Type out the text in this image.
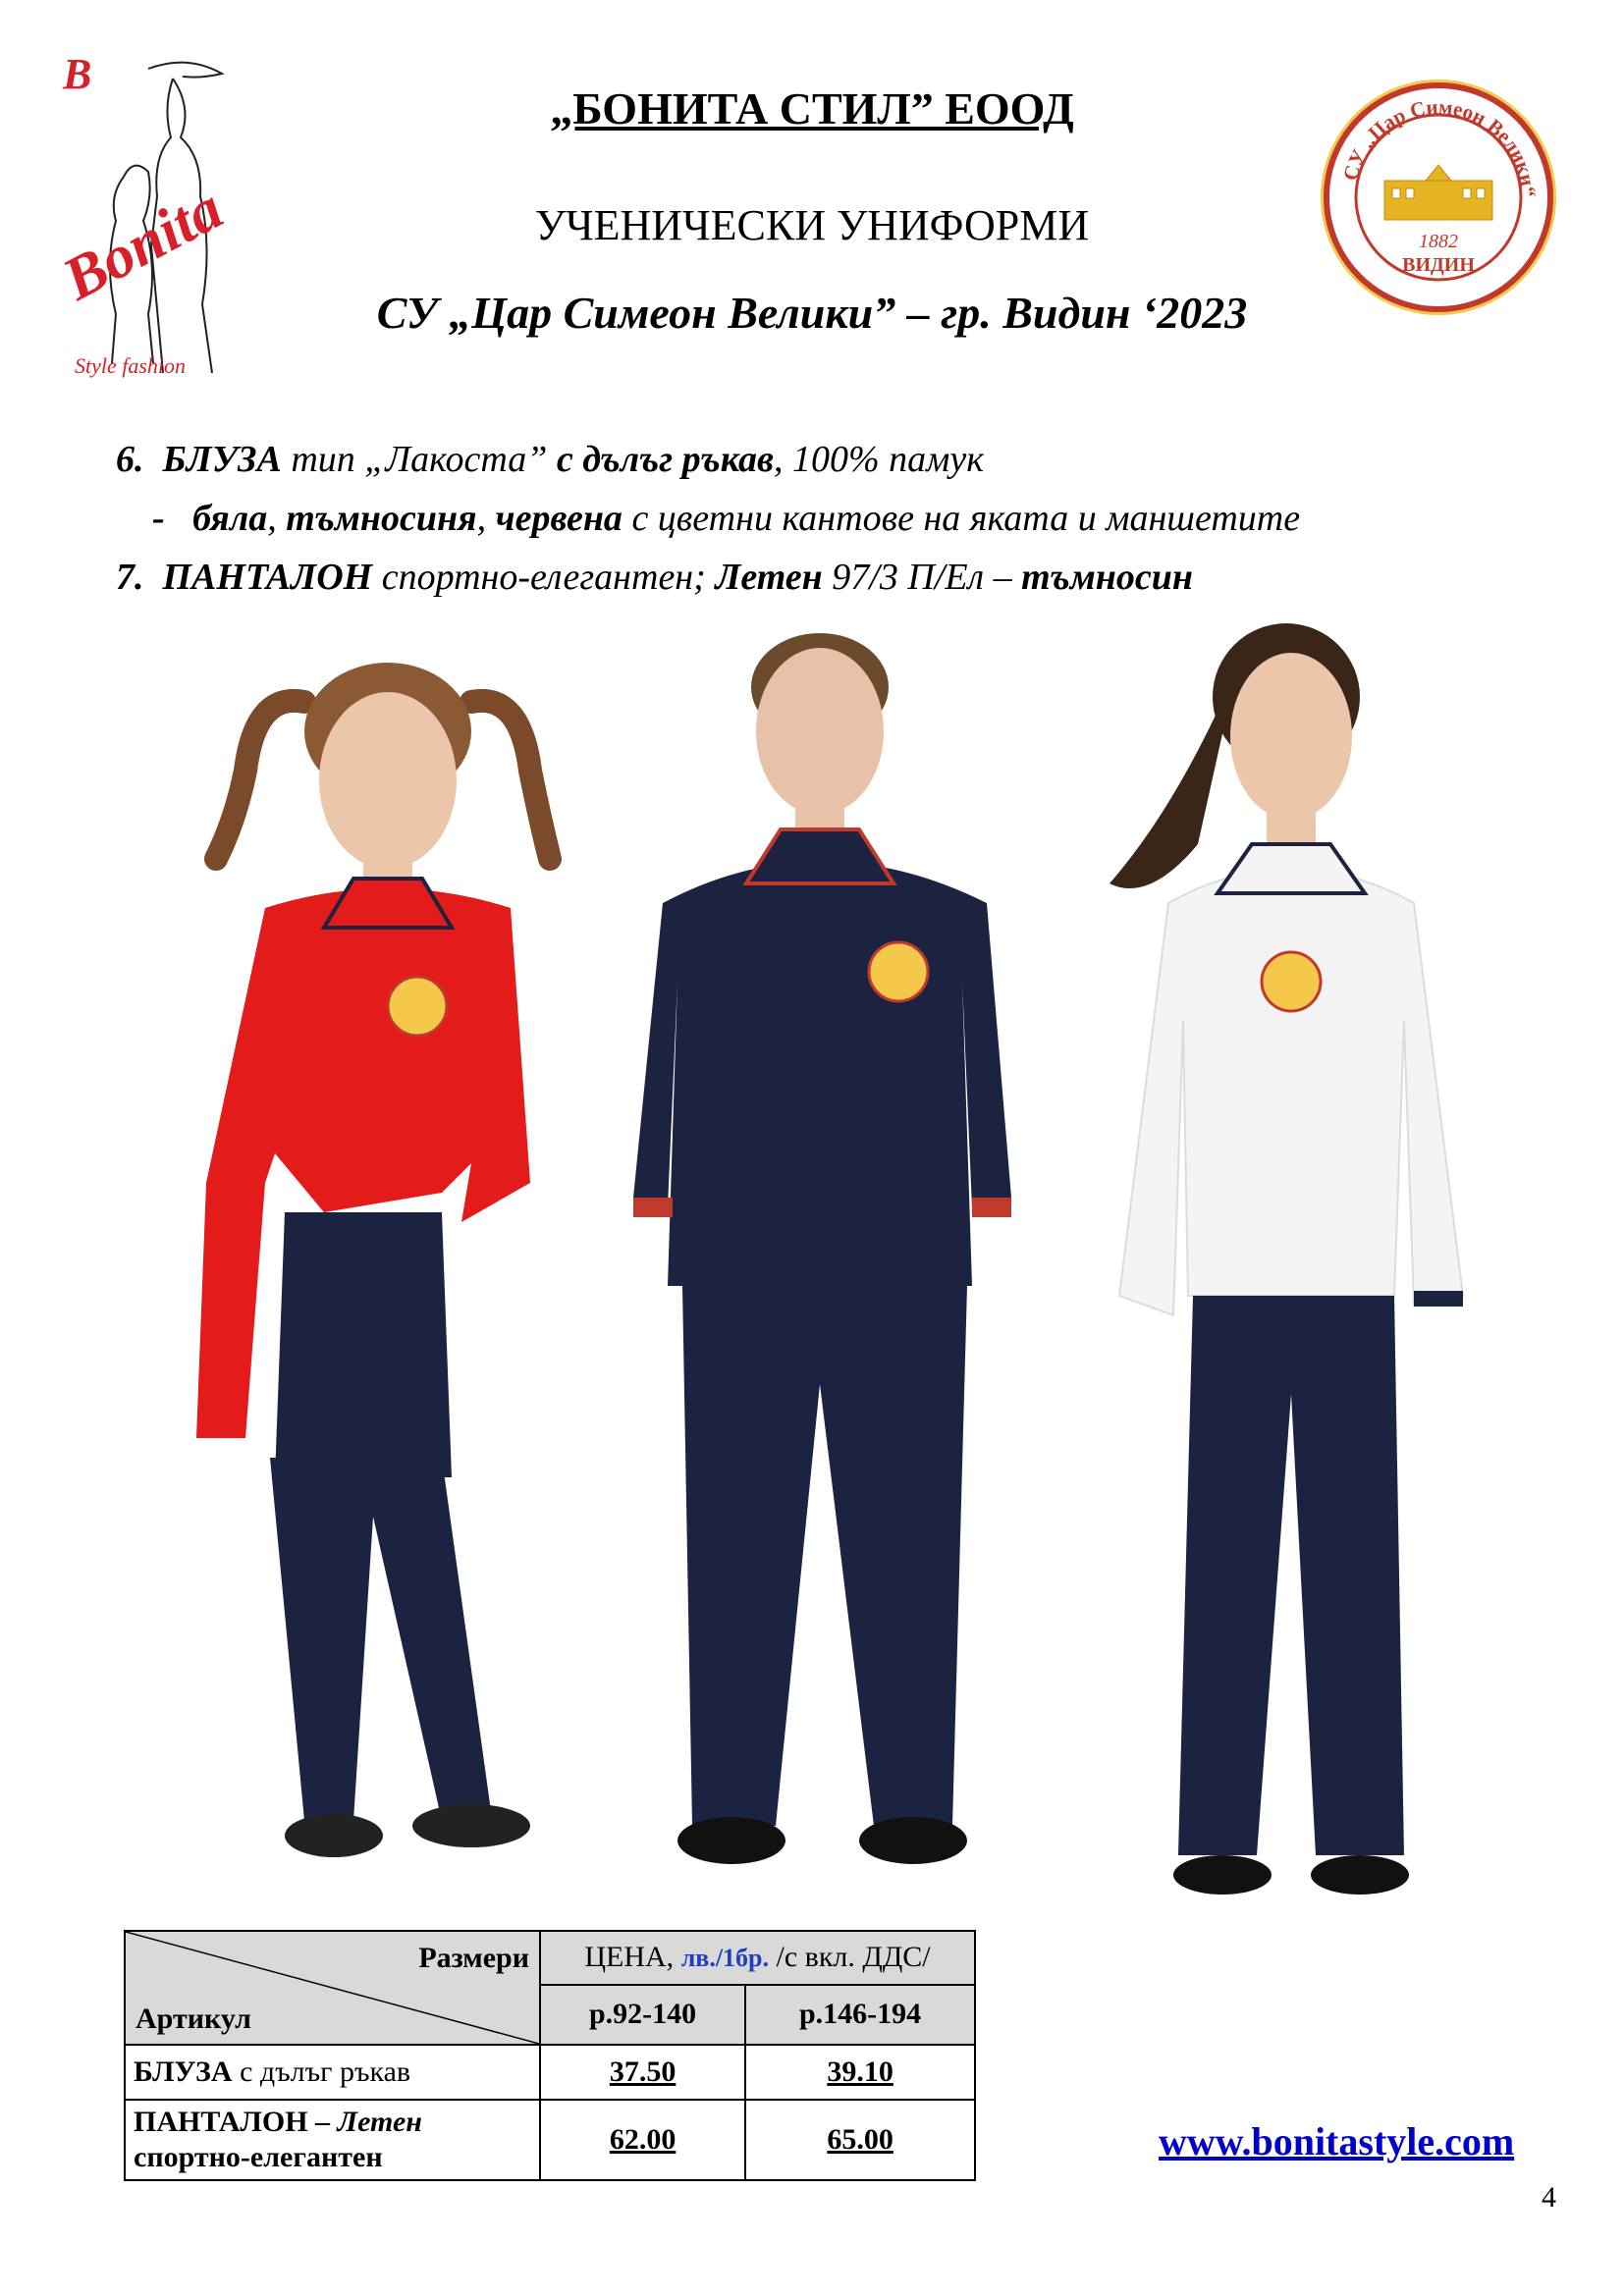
B
Bonita
Style fashion
„БОНИТА СТИЛ” ЕООД
УЧЕНИЧЕСКИ УНИФОРМИ
СУ „Цар Симеон Велики” – гр. Видин ‘2023
СУ „Цар Симеон Велики“
1882
ВИДИН
6. БЛУЗА тип „Лакоста” с дълъг ръкав, 100% памук
- бяла, тъмносиня, червена с цветни кантове на яката и маншетите
7. ПАНТАЛОН спортно-елегантен; Летен 97/3 П/Ел – тъмносин
Размери
Артикул	ЦЕНА, лв./1бр. /с вкл. ДДС/	
	р.92-140	р.146-194
БЛУЗА с дълъг ръкав	37.50	39.10
ПАНТАЛОН – Летен
спортно-елегантен	62.00	65.00	www.bonitastyle.com
4
